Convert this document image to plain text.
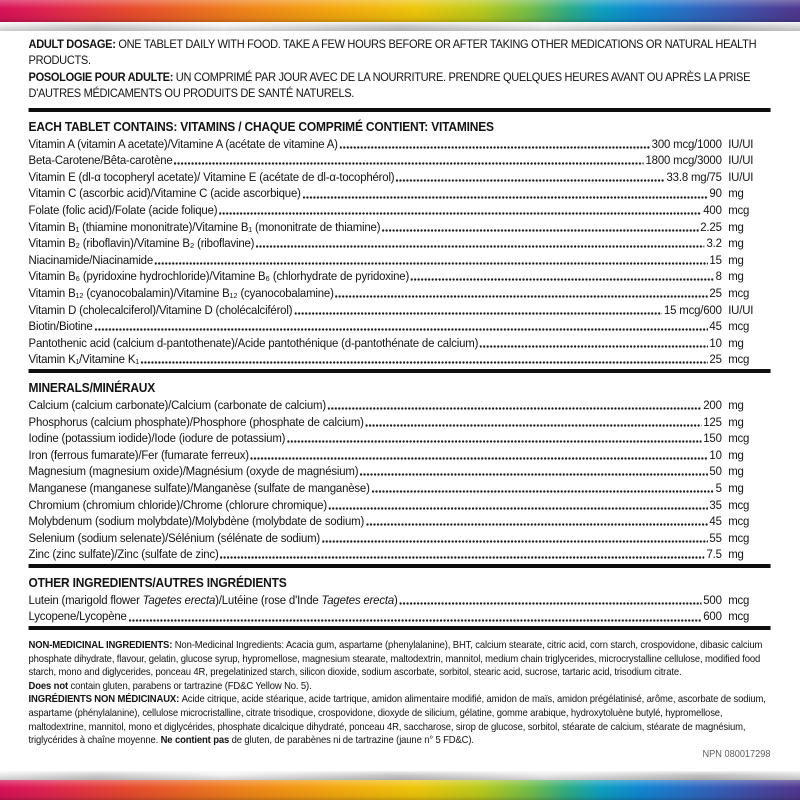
ADULT DOSAGE: ONE TABLET DAILY WITH FOOD. TAKE A FEW HOURS BEFORE OR AFTER TAKING OTHER MEDICATIONS OR NATURAL HEALTH PRODUCTS.
POSOLOGIE POUR ADULTE: UN COMPRIMÉ PAR JOUR AVEC DE LA NOURRITURE. PRENDRE QUELQUES HEURES AVANT OU APRÈS LA PRISE D'AUTRES MÉDICAMENTS OU PRODUITS DE SANTÉ NATURELS.
EACH TABLET CONTAINS: VITAMINS / CHAQUE COMPRIMÉ CONTIENT: VITAMINES
Vitamin A (vitamin A acetate)/Vitamine A (acétate de vitamine A)	300 mcg/1000 IU/UI
Beta-Carotene/Bêta-carotène	1800 mcg/3000 IU/UI
Vitamin E (dl-α tocopheryl acetate)/ Vitamine E (acétate de dl-α-tocophérol)	33.8 mg/75 IU/UI
Vitamin C (ascorbic acid)/Vitamine C (acide ascorbique)	90 mg
Folate (folic acid)/Folate (acide folique)	400 mcg
Vitamin B₁ (thiamine mononitrate)/Vitamine B₁ (mononitrate de thiamine)	2.25 mg
Vitamin B₂ (riboflavin)/Vitamine B₂ (riboflavine)	3.2 mg
Niacinamide/Niacinamide	15 mg
Vitamin B₆ (pyridoxine hydrochloride)/Vitamine B₆ (chlorhydrate de pyridoxine)	8 mg
Vitamin B₁₂ (cyanocobalamin)/Vitamine B₁₂ (cyanocobalamine)	25 mcg
Vitamin D (cholecalciferol)/Vitamine D (cholécalciférol)	15 mcg/600 IU/UI
Biotin/Biotine	45 mcg
Pantothenic acid (calcium d-pantothenate)/Acide pantothénique (d-pantothénate de calcium)	10 mg
Vitamin K₁/Vitamine K₁	25 mcg
MINERALS/MINÉRAUX
Calcium (calcium carbonate)/Calcium (carbonate de calcium)	200 mg
Phosphorus (calcium phosphate)/Phosphore (phosphate de calcium)	125 mg
Iodine (potassium iodide)/Iode (iodure de potassium)	150 mcg
Iron (ferrous fumarate)/Fer (fumarate ferreux)	10 mg
Magnesium (magnesium oxide)/Magnésium (oxyde de magnésium)	50 mg
Manganese (manganese sulfate)/Manganèse (sulfate de manganèse)	5 mg
Chromium (chromium chloride)/Chrome (chlorure chromique)	35 mcg
Molybdenum (sodium molybdate)/Molybdène (molybdate de sodium)	45 mcg
Selenium (sodium selenate)/Sélénium (sélénate de sodium)	55 mcg
Zinc (zinc sulfate)/Zinc (sulfate de zinc)	7.5 mg
OTHER INGREDIENTS/AUTRES INGRÉDIENTS
Lutein (marigold flower Tagetes erecta)/Lutéine (rose d'Inde Tagetes erecta)	500 mcg
Lycopene/Lycopène	600 mcg
NON-MEDICINAL INGREDIENTS: Non-Medicinal Ingredients: Acacia gum, aspartame (phenylalanine), BHT, calcium stearate, citric acid, corn starch, crospovidone, dibasic calcium phosphate dihydrate, flavour, gelatin, glucose syrup, hypromellose, magnesium stearate, maltodextrin, mannitol, medium chain triglycerides, microcrystalline cellulose, modified food starch, mono and diglycerides, ponceau 4R, pregelatinized starch, silicon dioxide, sodium ascorbate, sorbitol, stearic acid, sucrose, tartaric acid, trisodium citrate.
Does not contain gluten, parabens or tartrazine (FD&C Yellow No. 5).
INGRÉDIENTS NON MÉDICINAUX: Acide citrique, acide stéarique, acide tartrique, amidon alimentaire modifié, amidon de maïs, amidon prégélatinisé, arôme, ascorbate de sodium, aspartame (phénylalanine), cellulose microcristalline, citrate trisodique, crospovidone, dioxyde de silicium, gélatine, gomme arabique, hydroxytoluène butylé, hypromellose, maltodextrine, mannitol, mono et diglycérides, phosphate dicalcique dihydraté, ponceau 4R, saccharose, sirop de glucose, sorbitol, stéarate de calcium, stéarate de magnésium, triglycérides à chaîne moyenne. Ne contient pas de gluten, de parabènes ni de tartrazine (jaune n° 5 FD&C).
NPN 080017298
